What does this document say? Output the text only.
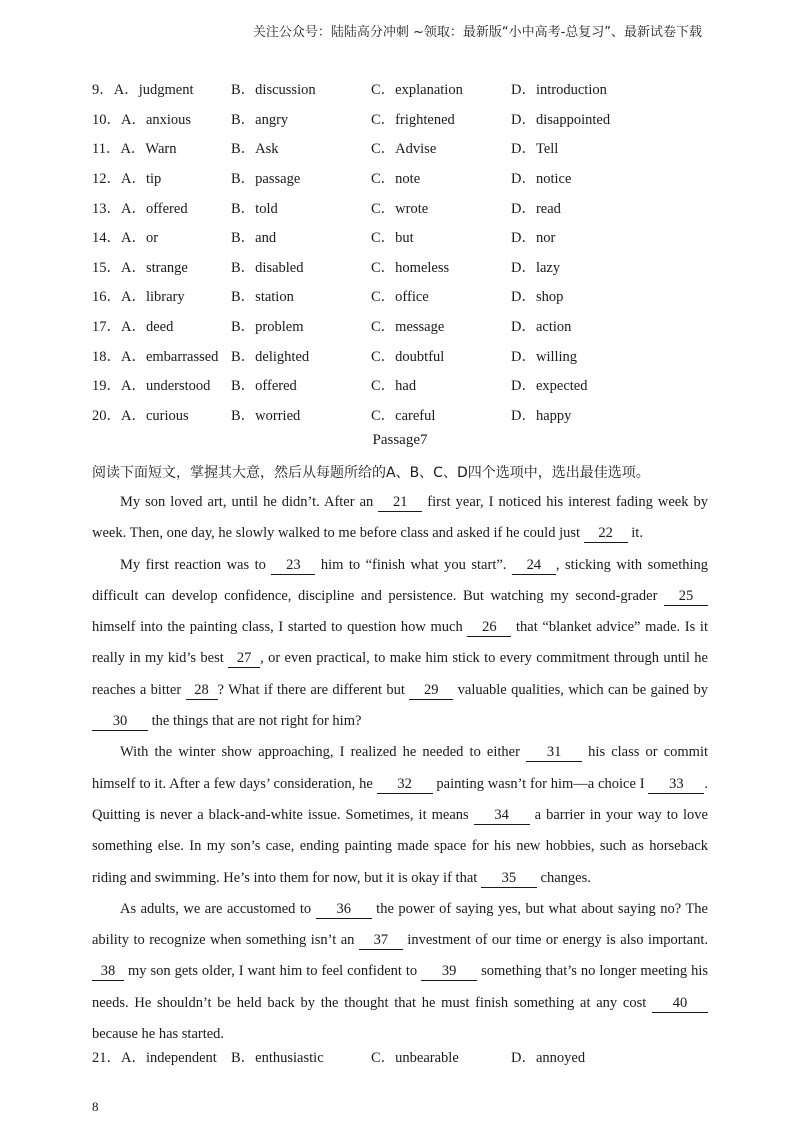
关注公众号：陆陆高分冲刺 ~领取：最新版“小中高考-总复习”、最新试卷下载
9．A．judgment	B．discussion	C．explanation	D．introduction
10．A．anxious	B．angry	C．frightened	D．disappointed
11．A．Warn	B．Ask	C．Advise	D．Tell
12．A．tip	B．passage	C．note	D．notice
13．A．offered	B．told	C．wrote	D．read
14．A．or	B．and	C．but	D．nor
15．A．strange	B．disabled	C．homeless	D．lazy
16．A．library	B．station	C．office	D．shop
17．A．deed	B．problem	C．message	D．action
18．A．embarrassed B．delighted	C．doubtful	D．willing
19．A．understood	B．offered	C．had	D．expected
20．A．curious	B．worried	C．careful	D．happy
Passage7
阅读下面短文，掌握其大意，然后从每题所给的A、B、C、D四个选项中，选出最佳选项。

My son loved art, until he didn’t. After an 21 first year, I noticed his interest fading week by week. Then, one day, he slowly walked to me before class and asked if he could just 22 it.

My first reaction was to 23 him to “finish what you start”. 24 , sticking with something difficult can develop confidence, discipline and persistence. But watching my second-grader 25 himself into the painting class, I started to question how much 26 that “blanket advice” made. Is it really in my kid’s best 27 , or even practical, to make him stick to every commitment through until he reaches a bitter 28 ? What if there are different but 29 valuable qualities, which can be gained by 30 the things that are not right for him?

With the winter show approaching, I realized he needed to either 31 his class or commit himself to it. After a few days’ consideration, he 32 painting wasn’t for him—a choice I 33 . Quitting is never a black-and-white issue. Sometimes, it means 34 a barrier in your way to love something else. In my son’s case, ending painting made space for his new hobbies, such as horseback riding and swimming. He’s into them for now, but it is okay if that 35 changes.

As adults, we are accustomed to 36 the power of saying yes, but what about saying no? The ability to recognize when something isn’t an 37 investment of our time or energy is also important. 38 my son gets older, I want him to feel confident to 39 something that’s no longer meeting his needs. He shouldn’t be held back by the thought that he must finish something at any cost 40 because he has started.

21．A．independent B．enthusiastic	C．unbearable	D．annoyed
8
